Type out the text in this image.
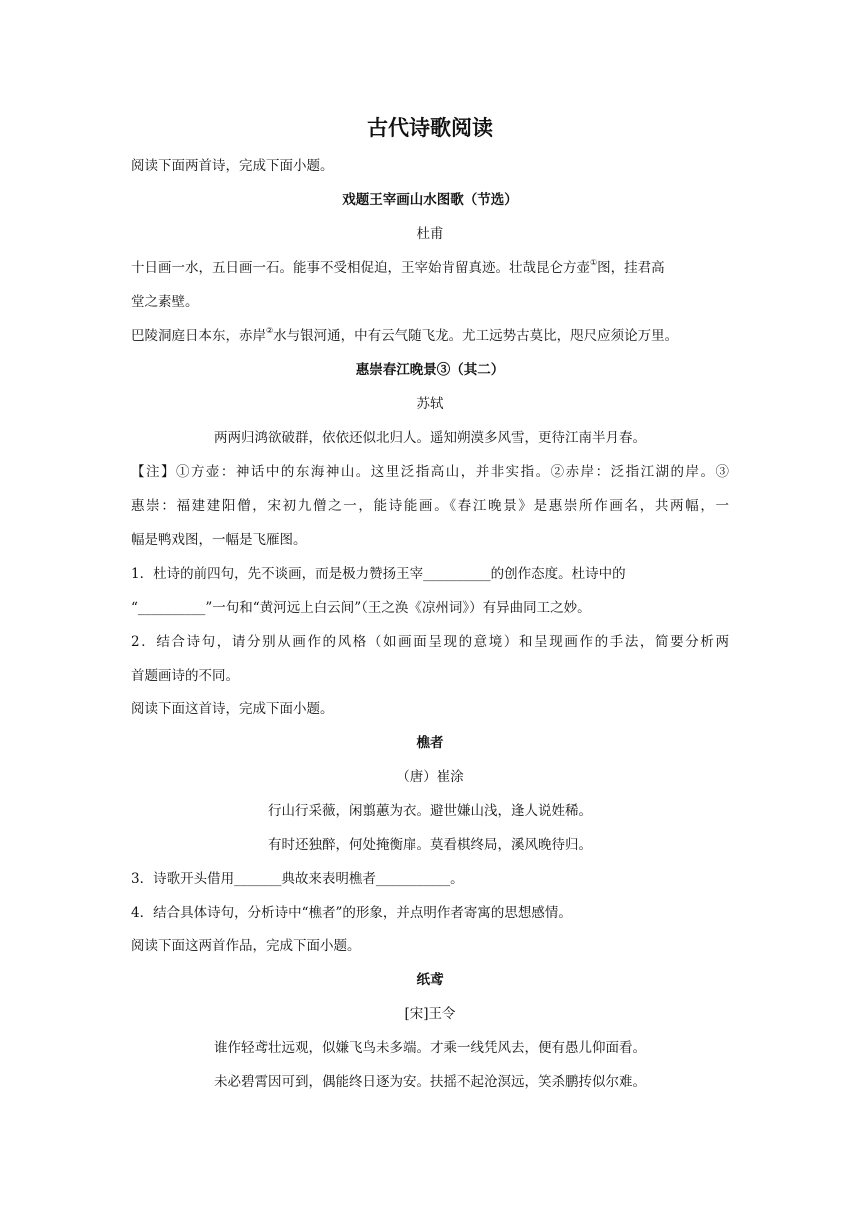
古代诗歌阅读
阅读下面两首诗，完成下面小题。
戏题王宰画山水图歌（节选）
杜甫
十日画一水，五日画一石。能事不受相促迫，王宰始肯留真迹。壮哉昆仑方壶①图，挂君高
堂之素壁。
巴陵洞庭日本东，赤岸②水与银河通，中有云气随飞龙。尤工远势古莫比，咫尺应须论万里。
惠崇春江晚景③（其二）
苏轼
两两归鸿欲破群，依依还似北归人。遥知朔漠多风雪，更待江南半月春。
【注】①方壶：神话中的东海神山。这里泛指高山，并非实指。②赤岸：泛指江湖的岸。③
惠崇：福建建阳僧，宋初九僧之一，能诗能画。《春江晚景》是惠崇所作画名，共两幅，一
幅是鸭戏图，一幅是飞雁图。
1．杜诗的前四句，先不谈画，而是极力赞扬王宰__________的创作态度。杜诗中的
“__________”一句和“黄河远上白云间”（王之涣《凉州词》）有异曲同工之妙。
2．结合诗句，请分别从画作的风格（如画面呈现的意境）和呈现画作的手法，简要分析两
首题画诗的不同。
阅读下面这首诗，完成下面小题。
樵者
（唐）崔涂
行山行采薇，闲翦蕙为衣。避世嫌山浅，逢人说姓稀。
有时还独醉，何处掩衡扉。莫看棋终局，溪风晚待归。
3．诗歌开头借用_______典故来表明樵者___________。
4．结合具体诗句，分析诗中“樵者”的形象，并点明作者寄寓的思想感情。
阅读下面这两首作品，完成下面小题。
纸鸢
[宋]王令
谁作轻鸢壮远观，似嫌飞鸟未多端。才乘一线凭风去，便有愚儿仰面看。
未必碧霄因可到，偶能终日逐为安。扶摇不起沧溟远，笑杀鹏抟似尔难。
